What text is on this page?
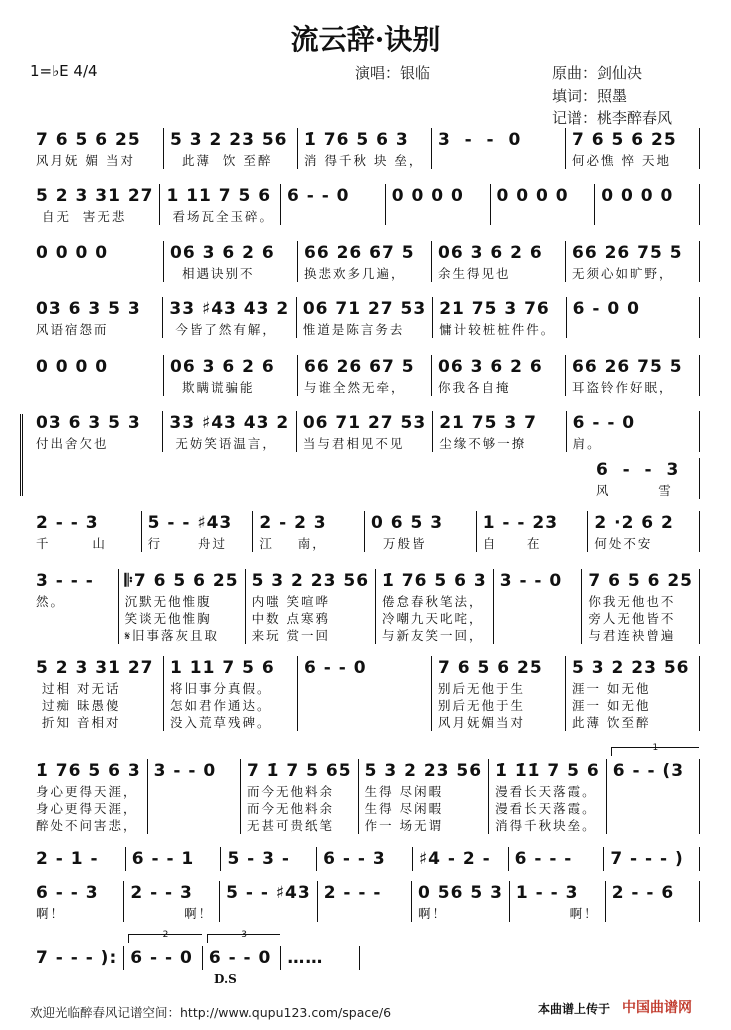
流云辞·诀别
1=♭E 4/4	演唱：银临	原曲：剑仙决
填词：照墨
记谱：桃李醉春风
7 6 5 6 25
风月妩 媚 当对
5 3 2 23 56
此薄  饮 至醉
1̇ 76 5 6 3
消 得千秋 块 垒，
3  -  -  0	7 6 5 6 25
何必憔 悴 天地
5 2 3 31 27
自无  害无悲
1 11 7 5 6
看场瓦全玉碎。
6 - - 0	0 0 0 0	0 0 0 0	0 0 0 0
0 0 0 0	06 3 6 2 6
相遇诀别不
66 26 67 5
换悲欢多几遍，
06 3 6 2 6
余生得见也
66 26 75 5
无须心如旷野，
03 6 3 5 3
风语宿怨而
33 ♯43 43 2
今皆了然有解，
06 71 27 53
惟道是陈言务去
21 75 3 76
慵计较桩桩件件。
6 - 0 0
0 0 0 0	06 3 6 2 6
欺瞒谎骗能
66 26 67 5
与谁全然无牵，
06 3 6 2 6
你我各自掩
66 26 75 5
耳盗铃作好眠，
03 6 3 5 3
付出舍欠也
33 ♯43 43 2
无妨笑语温言，
06 71 27 53
当与君相见不见
21 75 3 7
尘缘不够一撩
6 - - 0
肩。
6  -  -  3
风        雪
2 - - 3
千       山
5 - - ♯43
行      舟过
2 - 2 3
江    南，
0 6 5 3
万般皆
1 - - 23
自     在
2 ·2 6 2
何处不安
3 - - -
然。
𝄆7 6 5 6 25
沉默无他惟腹
笑谈无他惟胸
𝄋旧事落灰且取
5 3 2 23 56
内嗤 笑喧哗
中数 点寒鸦
来玩 赏一回
1̇ 76 5 6 3
倦怠春秋笔法，
冷嘲九天叱咤，
与新友笑一回，
3 - - 0	7 6 5 6 25
你我无他也不
旁人无他皆不
与君连袂曾遍
5 2 3 31 27
过相 对无话
过痴 昧愚傻
折知 音相对
1 11 7 5 6
将旧事分真假。
怎如君作通达。
没入荒草残碑。
6 - - 0	7 6 5 6 25
别后无他于生
别后无他于生
风月妩媚当对
5 3 2 23 56
涯一 如无他
涯一 如无他
此薄 饮至醉
1̇ 76 5 6 3
身心更得天涯，
身心更得天涯，
醉处不问害悲，
3 - - 0	7 1̇ 7 5 65
而今无他料余
而今无他料余
无甚可贵纸笔
5 3 2 23 56
生得 尽闲暇
生得 尽闲暇
作一 场无谓
1̇ 1̇1̇ 7 5 6
漫看长天落霞。
漫看长天落霞。
消得千秋块垒。
1
6 - - (3
2 - 1 -	6 - - 1	5 - 3 -	6 - - 3	♯4 - 2 -	6 - - -	7 - - - )
6 - - 3
啊！
2 - - 3
啊！
5 - - ♯43 2 - - -	0 56 5 3
啊！
1 - - 3
啊！
2 - - 6
7 - - - ):
2
6 - - 0
3
6 - - 0 ……
D.S
欢迎光临醉春风记谱空间：http://www.qupu123.com/space/6	本曲谱上传于 中国曲谱网
